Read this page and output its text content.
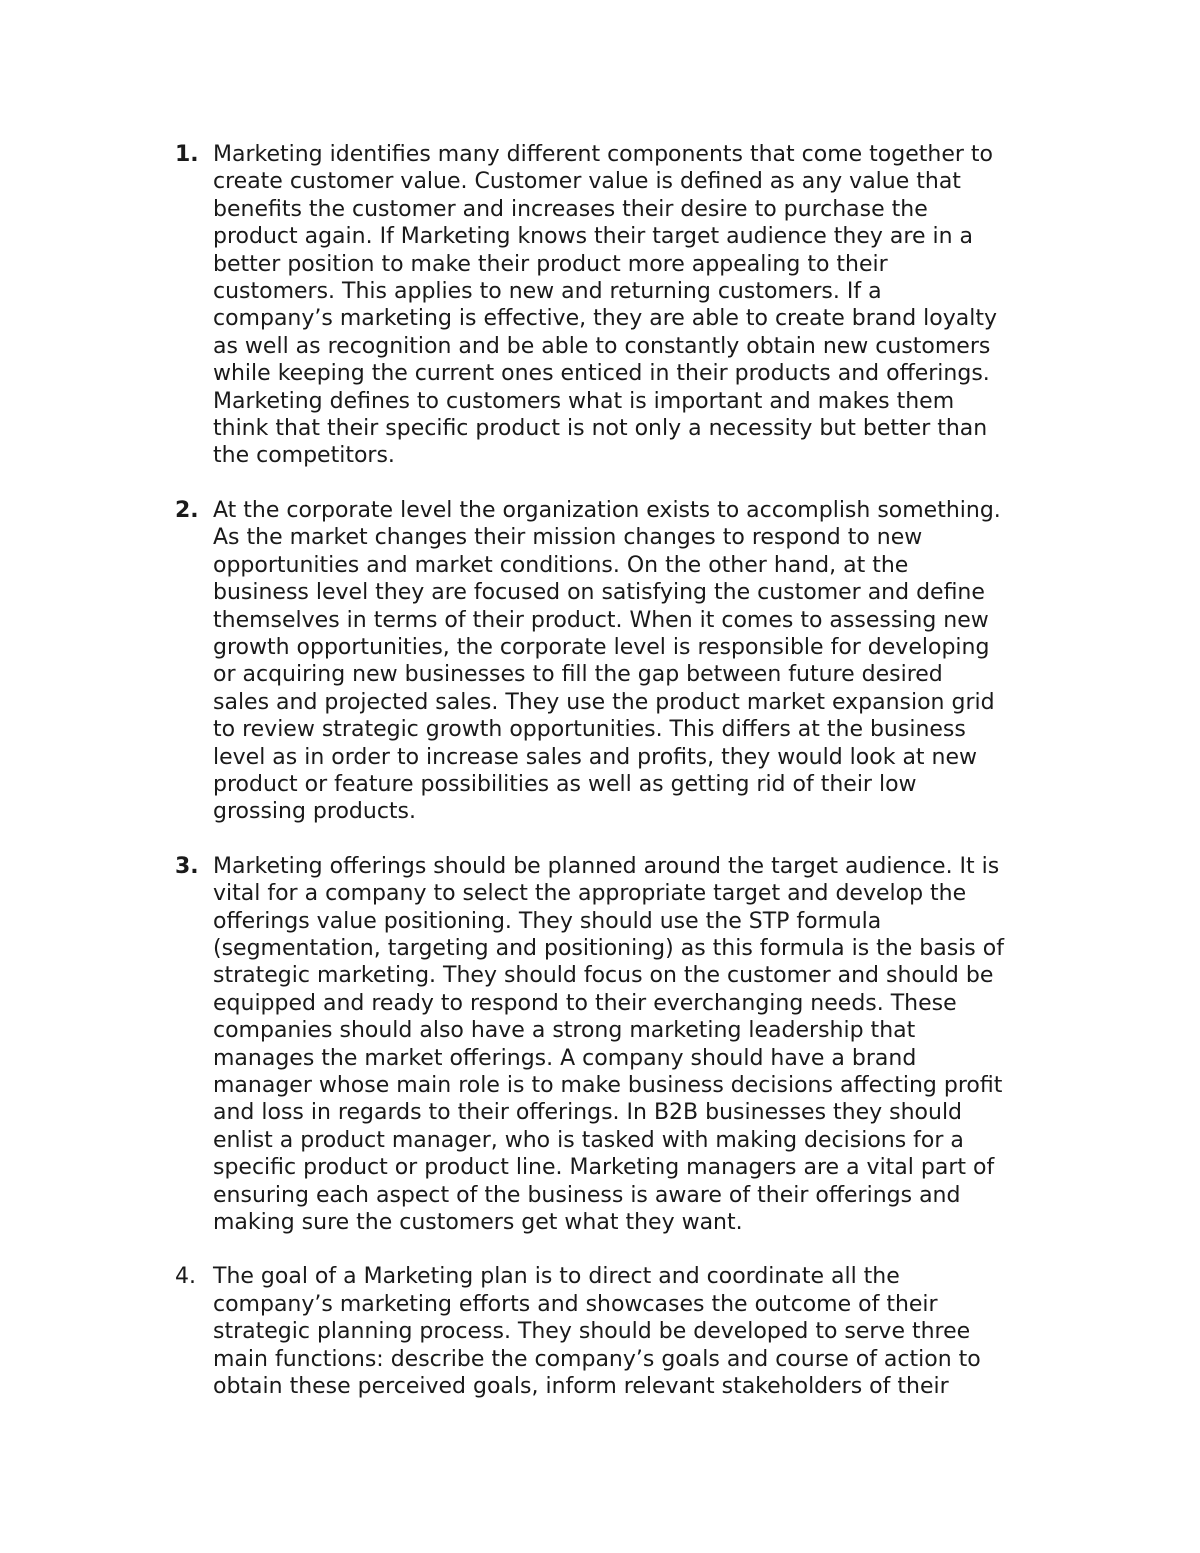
1. Marketing identifies many different components that come together to
create customer value. Customer value is defined as any value that
benefits the customer and increases their desire to purchase the
product again. If Marketing knows their target audience they are in a
better position to make their product more appealing to their
customers. This applies to new and returning customers. If a
company’s marketing is effective, they are able to create brand loyalty
as well as recognition and be able to constantly obtain new customers
while keeping the current ones enticed in their products and offerings.
Marketing defines to customers what is important and makes them
think that their specific product is not only a necessity but better than
the competitors.
2. At the corporate level the organization exists to accomplish something.
As the market changes their mission changes to respond to new
opportunities and market conditions. On the other hand, at the
business level they are focused on satisfying the customer and define
themselves in terms of their product. When it comes to assessing new
growth opportunities, the corporate level is responsible for developing
or acquiring new businesses to fill the gap between future desired
sales and projected sales. They use the product market expansion grid
to review strategic growth opportunities. This differs at the business
level as in order to increase sales and profits, they would look at new
product or feature possibilities as well as getting rid of their low
grossing products.
3. Marketing offerings should be planned around the target audience. It is
vital for a company to select the appropriate target and develop the
offerings value positioning. They should use the STP formula
(segmentation, targeting and positioning) as this formula is the basis of
strategic marketing. They should focus on the customer and should be
equipped and ready to respond to their everchanging needs. These
companies should also have a strong marketing leadership that
manages the market offerings. A company should have a brand
manager whose main role is to make business decisions affecting profit
and loss in regards to their offerings. In B2B businesses they should
enlist a product manager, who is tasked with making decisions for a
specific product or product line. Marketing managers are a vital part of
ensuring each aspect of the business is aware of their offerings and
making sure the customers get what they want.
4. The goal of a Marketing plan is to direct and coordinate all the
company’s marketing efforts and showcases the outcome of their
strategic planning process. They should be developed to serve three
main functions: describe the company’s goals and course of action to
obtain these perceived goals, inform relevant stakeholders of their
